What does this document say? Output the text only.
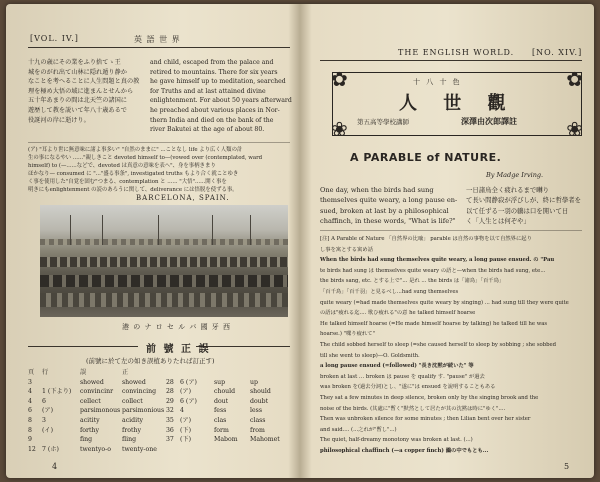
[VOL. IV.]	英 語 世 界
十九の歳にその業をふり捨てゝ王
城をのがれ出て山林に隠れ遁り静か
なことを考へることに人生問題と真の教
理を極め大悟の域に進まんとせんから
五十年あまりの間は北天竺の諸国に
遊歴して教を説いて年八十歳あるで
役誕河の岸に逝けり。
and child, escaped from the palace and
retired to mountains. There for six years
he gave himself up to meditation, searched
for Truths and at last attained divine
enlightenment. For about 50 years afterward
he preached about various places in Nor-
thern India and died on the bank of the
river Bakutei at the age of about 80.
(ア) "耳より世に無意味に諸よ事多い" "自然のままに" ...ことなし life より広く人類の計
生の事になるやい ......"親しきこと devoted himself to—(vowed over (contemplated, ward
himself) to (—......などで、devoted は真意の意味を表へ"、身を事柄きまり
ほかなり— consumed に "..."盛る事条", investigated truths もより合く就ことゆき
く事を使用した"自覚を固む"つまる、contemplation と ...... "大悟"......開く事を
明きにもenlightenment の読のあろうに関して、deliverance には悟脱を使ずる事。
BARCELONA, SPAIN.
港 の ナ ロ セ ル バ 國 牙 西
前 號 正 誤
(前號に於て左の如き誤植ありたれば訂正す)
頁 行	誤	正
3	showed	showed
4 1 (下より) convincinr convincing
4 6	cellect	collect
6 (ア)	parsimonous parsimonious
8 3	acitity	acidity
8 (イ)	forthy	frothy
9	fing	fling
12 7 (ホ)	twentyo-o twenty-one
28 6 (ア)	sup	up
28 (ア)	chould should
29 6 (ア)	dout	doubt
32 4	fess	less
35 (ア)	clas	class
36 (下)	form	from
37 (下)	Mabom Mahomet
4
THE ENGLISH WORLD. [NO. XIV.]
✿	✿
❀	❀
十 八 十 色
人 世 觀
第五高等學校講師	深澤由次郎譯註
A PARABLE of NATURE.
By Madge Irving.
One day, when the birds had sung
themselves quite weary, a long pause en-
sued, broken at last by a philosophical
chaffinch, in these words, "What is life?"
一日諸鳥全く疲れるまで囀り
て長い間静寂が浮びしが、終に哲學者を
以て任ずる一羽の鶸は口を開いて日
く「人生とは何ぞや」
[注] A Parable of Nature 「自然界の比喩」 parable は自然の事物を以て自然界に起り
し事を寓とする寓め話
When the birds had sung themselves quite weary, a long pause ensued. の "Pau
te birds had sung は themselves quite weary の語と—when the birds had sung, ete...
the birds sang, etc. とする上で"... 是れ ... the birds は「諸鳥」「百千鳥」
「百千鳥」「百千羽」と見るべし...had sung themselves
quite weary (=had made themselves quite weary by singing) ... had sung till they were quite
の語は"疲れる迄.... 歌ひ疲れる"の意 he talked himself hoarse
He talked himself hoarse (=He made himself hoarse by talking) he talked till he was
hoarse.) "喋り疲れて"
The child sobbed herself to sleep (=she caused herself to sleep by sobbing ; she sobbed
till she went to sleep)—O. Goldsmith.
a long pause ensued (=followed) "長き沈黙が続いた" 等
broken at last … broken は pause を qualify す. "pause" が過去
was broken を(過去分詞)とし、"遂に"は ensued を說明することもある
They sat a few minutes in deep silence, broken only by the singing brook and the
noise of the birds. (其處に"暫く"默然として居たが其の沈黙は時に"ゆく"....
Then was unbroken silence for some minutes ; then Lilian bent over her sister
and said.... (...之れが"暫し"...)
The quiet, half-dreamy monotony was broken at last. (...)
philosophical chaffinch (—a copper finch) 鶸の中でもとも...
5
